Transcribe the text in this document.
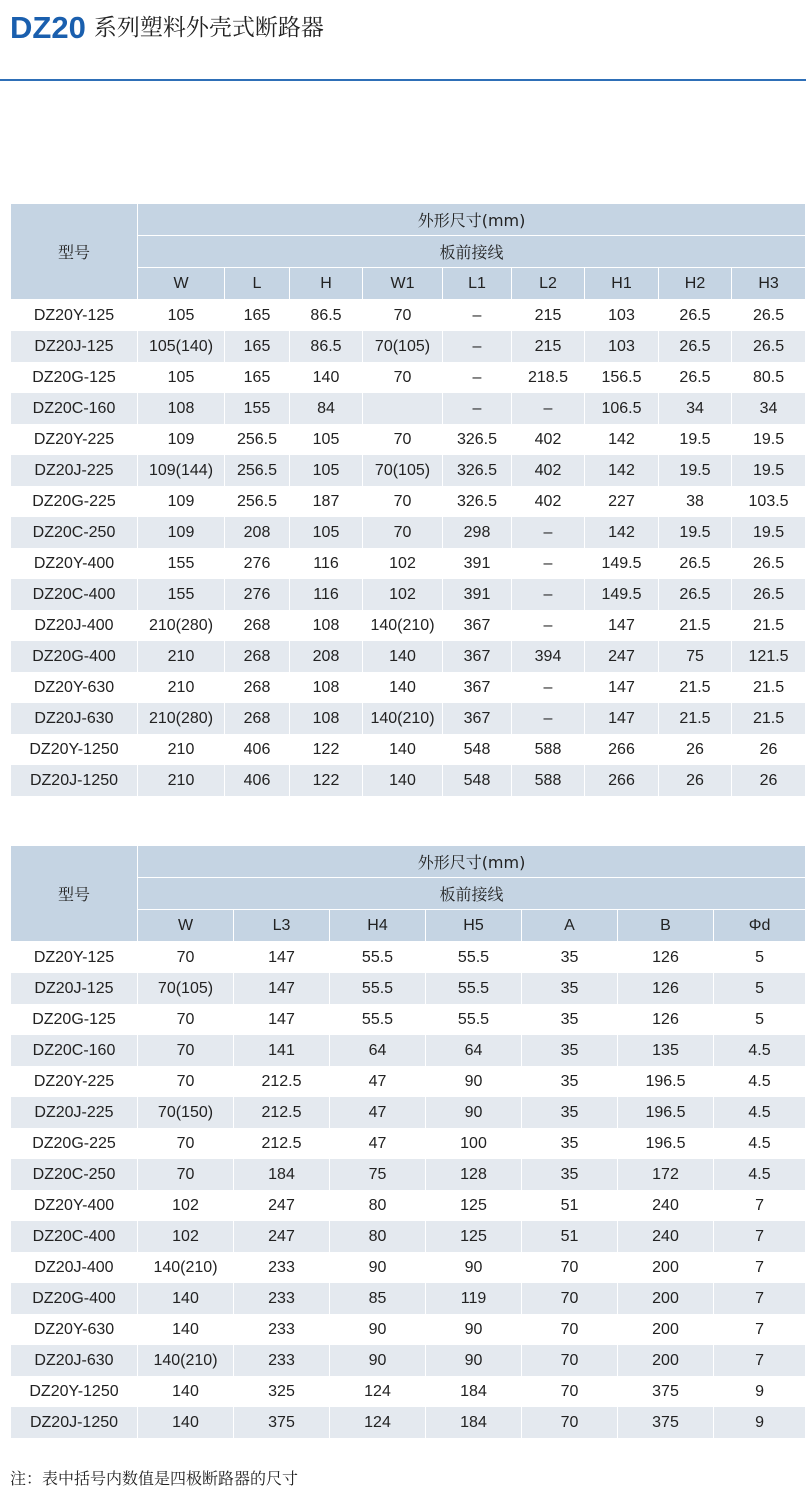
DZ20 系列塑料外壳式断路器
型号	外形尺寸(mm)								
	板前接线								
	W	L	H	W1	L1	L2	H1	H2	H3
DZ20Y-125	105	165	86.5	70	–	215	103	26.5	26.5
DZ20J-125	105(140)	165	86.5	70(105)	–	215	103	26.5	26.5
DZ20G-125	105	165	140	70	–	218.5	156.5	26.5	80.5
DZ20C-160	108	155	84		–	–	106.5	34	34
DZ20Y-225	109	256.5	105	70	326.5	402	142	19.5	19.5
DZ20J-225	109(144)	256.5	105	70(105)	326.5	402	142	19.5	19.5
DZ20G-225	109	256.5	187	70	326.5	402	227	38	103.5
DZ20C-250	109	208	105	70	298	–	142	19.5	19.5
DZ20Y-400	155	276	116	102	391	–	149.5	26.5	26.5
DZ20C-400	155	276	116	102	391	–	149.5	26.5	26.5
DZ20J-400	210(280)	268	108	140(210)	367	–	147	21.5	21.5
DZ20G-400	210	268	208	140	367	394	247	75	121.5
DZ20Y-630	210	268	108	140	367	–	147	21.5	21.5
DZ20J-630	210(280)	268	108	140(210)	367	–	147	21.5	21.5
DZ20Y-1250	210	406	122	140	548	588	266	26	26
DZ20J-1250	210	406	122	140	548	588	266	26	26
型号	外形尺寸(mm)						
	板前接线						
	W	L3	H4	H5	A	B	Φd
DZ20Y-125	70	147	55.5	55.5	35	126	5
DZ20J-125	70(105)	147	55.5	55.5	35	126	5
DZ20G-125	70	147	55.5	55.5	35	126	5
DZ20C-160	70	141	64	64	35	135	4.5
DZ20Y-225	70	212.5	47	90	35	196.5	4.5
DZ20J-225	70(150)	212.5	47	90	35	196.5	4.5
DZ20G-225	70	212.5	47	100	35	196.5	4.5
DZ20C-250	70	184	75	128	35	172	4.5
DZ20Y-400	102	247	80	125	51	240	7
DZ20C-400	102	247	80	125	51	240	7
DZ20J-400	140(210)	233	90	90	70	200	7
DZ20G-400	140	233	85	119	70	200	7
DZ20Y-630	140	233	90	90	70	200	7
DZ20J-630	140(210)	233	90	90	70	200	7
DZ20Y-1250	140	325	124	184	70	375	9
DZ20J-1250	140	375	124	184	70	375	9
注：表中括号内数值是四极断路器的尺寸
